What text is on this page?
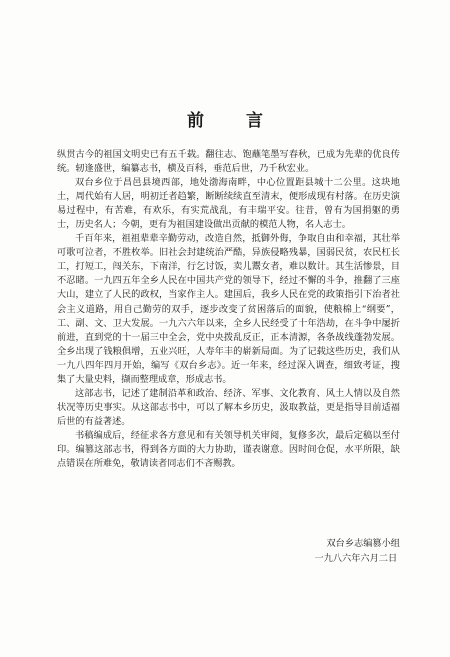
前 言

纵贯古今的祖国文明史已有五千载。翻往志、饱蘸笔墨写春秋，已成为先辈的优良传统。轫逢盛世，编纂志书，横及百科，垂范后世，乃千秋宏业。

双台乡位于昌邑县境西部，地处渤海南畔，中心位置距县城十二公里。这块地土，周代始有人居，明初迁者趋繁，断断续续直至清末，便形成现有村落。在历史演易过程中，有苦难，有欢乐，有实荒战乱，有丰瑞平安。往昔，曾有为国捐躯的勇士，历史名人；今朝，更有为祖国建设做出贡献的模范人物，名人志士。

千百年来，祖祖辈辈辛勤劳动，改造自然，抵御外侮，争取自由和幸福，其壮举可歌可泣者，不胜枚举。旧社会封建统治严酷，异族侵略残暴，国弱民贫，农民杠长工，打短工，闯关东，下南洋，行乞讨饭，卖儿鬻女者，难以数计。其生活惨景，目不忍睹。一九四五年全乡人民在中国共产党的领导下，经过不懈的斗争，推翻了三座大山，建立了人民的政权，当家作主人。建国后，我乡人民在党的政策指引下治者社会主义道路，用自己勤劳的双手，逐步改变了贫困落后的面貌，使粮棉上“纲要”，工、副、文、卫大发展。一九六六年以来，全乡人民经受了十年浩劫，在斗争中屡折前进，直到党的十一届三中全会，党中央拨乱反正，正本清源，各条战线蓬勃发展。全乡出现了钱粮俱增，五业兴旺，人寿年丰的崭新局面。为了记载这些历史，我们从一九八四年四月开始，编写《双台乡志》。近一年来，经过深入调查，细致考证，搜集了大量史料，撷而整理成章，形成志书。

这部志书，记述了建制沿革和政治、经济、军事、文化教育、风土人情以及自然状况等历史事实。从这部志书中，可以了解本乡历史，汲取教益，更是指导目前适福后世的有益著述。

书稿编成后，经征求各方意见和有关领导机关审阅，复修多次，最后定稿以至付印。编篡这部志书，得到各方面的大力协助，谨表谢意。因时间仓促，水平所限，缺点错误在所难免，敬请读者同志们不吝赐教。

双台乡志编篡小组
一九八六年六月二日
